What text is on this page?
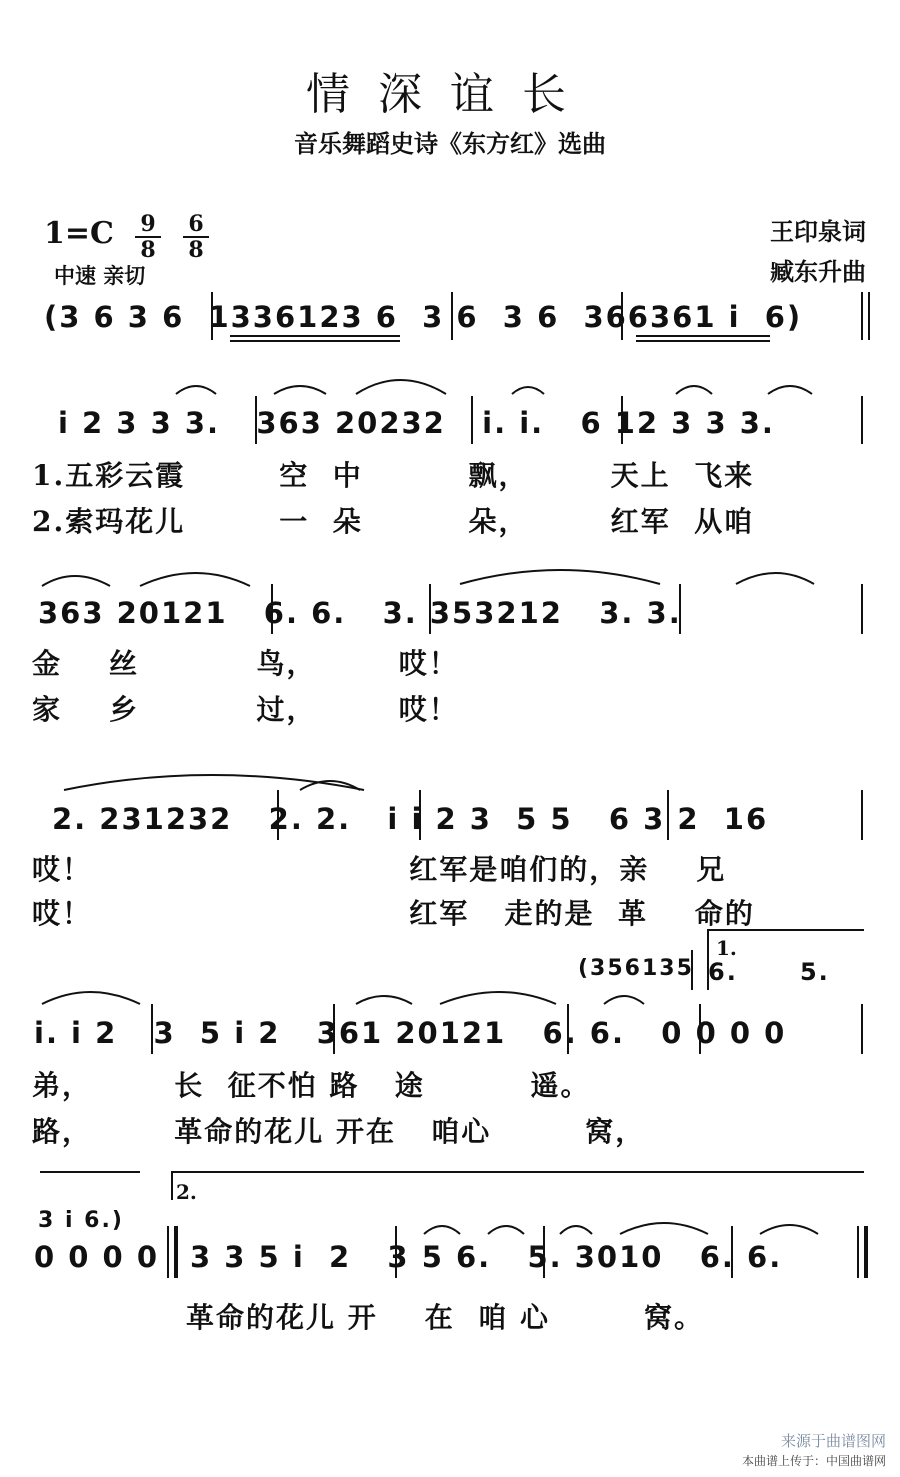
情深谊长
音乐舞蹈史诗《东方红》选曲
1=C 9
8
6
8
中速 亲切
王印泉词
臧东升曲
(3 6 3 6  1336123 6  3 6  3 6  366361 i  6)
i 2 3 3 3.   363 20232   i. i.   6 12 3 3 3.
1.五彩云霞        空  中         飘，       天上  飞来
2.索玛花儿        一  朵         朵，       红军  从咱
363 20121   6. 6.   3. 353212   3. 3.
金    丝          鸟，       哎！
家    乡          过，       哎！
2. 231232   2. 2.   i i 2 3  5 5   6 3 2  16
哎！                           红军是咱们的，亲    兄
哎！                           红军   走的是  革    命的
(356135
1.
6.      5.
i. i 2   3  5 i 2   361 20121   6. 6.   0 0 0 0
弟，       长  征不怕 路   途         遥。
路，       革命的花儿 开在   咱心        窝，
2.
3 i 6.)
0 0 0 0 3 3 5 i  2   3 5 6.   5. 3010   6. 6.
革命的花儿 开    在  咱 心        窝。
来源于曲谱图网
本曲谱上传于：中国曲谱网
